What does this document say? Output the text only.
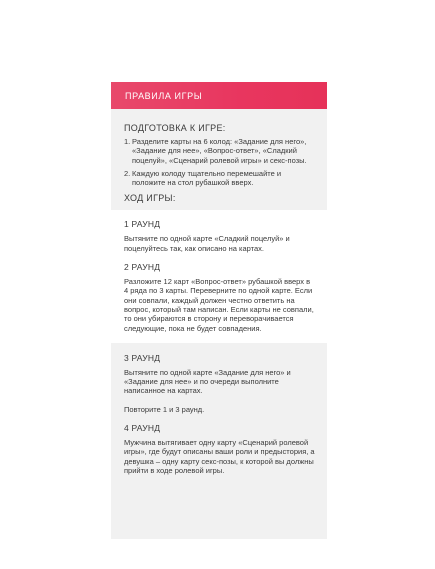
ПРАВИЛА ИГРЫ

ПОДГОТОВКА К ИГРЕ:

1. Разделите карты на 6 колод: «Задание для него», «Задание для нее», «Вопрос-ответ», «Сладкий поцелуй», «Сценарий ролевой игры» и секс-позы.
2. Каждую колоду тщательно перемешайте и положите на стол рубашкой вверх.

ХОД ИГРЫ:

1 РАУНД

Вытяните по одной карте «Сладкий поцелуй» и поцелуйтесь так, как описано на картах.

2 РАУНД

Разложите 12 карт «Вопрос-ответ» рубашкой вверх в 4 ряда по 3 карты. Переверните по одной карте. Если они совпали, каждый должен честно ответить на вопрос, который там написан. Если карты не совпали, то они убираются в сторону и переворачивается следующие, пока не будет совпадения.

3 РАУНД

Вытяните по одной карте «Задание для него» и «Задание для нее» и по очереди выполните написанное на картах.

Повторите 1 и 3 раунд.

4 РАУНД

Мужчина вытягивает одну карту «Сценарий ролевой игры», где будут описаны ваши роли и предыстория, а девушка – одну карту секс-позы, к которой вы должны прийти в ходе ролевой игры.
